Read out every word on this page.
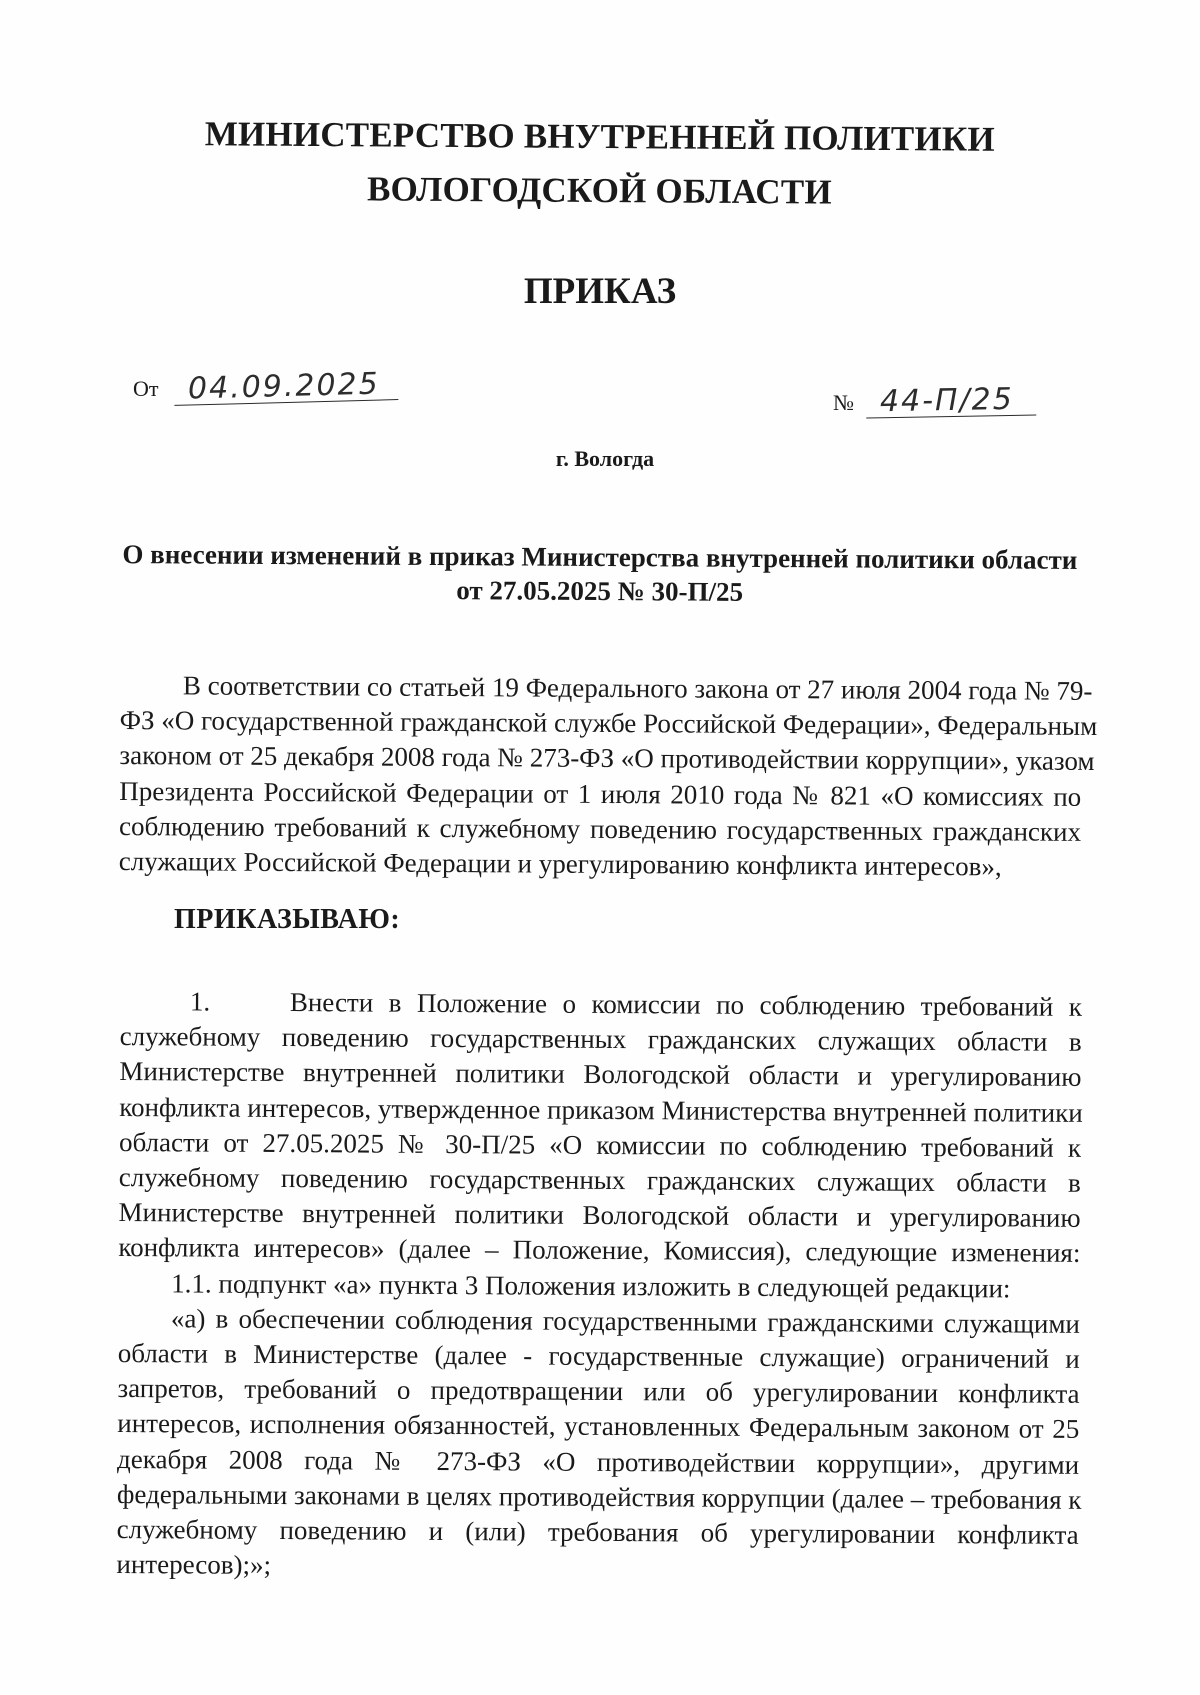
МИНИСТЕРСТВО ВНУТРЕННЕЙ ПОЛИТИКИ
ВОЛОГОДСКОЙ ОБЛАСТИ
ПРИКАЗ
От 04.09.2025	№ 44-П/25
г. Вологда
О внесении изменений в приказ Министерства внутренней политики области
от 27.05.2025 № 30-П/25
В соответствии со статьей 19 Федерального закона от 27 июля 2004 года № 79-
ФЗ «О государственной гражданской службе Российской Федерации», Федеральным
законом от 25 декабря 2008 года № 273-ФЗ «О противодействии коррупции», указом
Президента Российской Федерации от 1 июля 2010 года № 821 «О комиссиях по
соблюдению требований к служебному поведению государственных гражданских
служащих Российской Федерации и урегулированию конфликта интересов»,
ПРИКАЗЫВАЮ:
1.	Внести в Положение о комиссии по соблюдению требований к
служебному поведению государственных гражданских служащих области в
Министерстве внутренней политики Вологодской области и урегулированию
конфликта интересов, утвержденное приказом Министерства внутренней политики
области от 27.05.2025 № 30-П/25 «О комиссии по соблюдению требований к
служебному поведению государственных гражданских служащих области в
Министерстве внутренней политики Вологодской области и урегулированию
конфликта интересов» (далее – Положение, Комиссия), следующие изменения:
1.1. подпункт «а» пункта 3 Положения изложить в следующей редакции:
«а) в обеспечении соблюдения государственными гражданскими служащими
области в Министерстве (далее - государственные служащие) ограничений и
запретов, требований о предотвращении или об урегулировании конфликта
интересов, исполнения обязанностей, установленных Федеральным законом от 25
декабря 2008 года № 273-ФЗ «О противодействии коррупции», другими
федеральными законами в целях противодействия коррупции (далее – требования к
служебному поведению и (или) требования об урегулировании конфликта
интересов);»;
